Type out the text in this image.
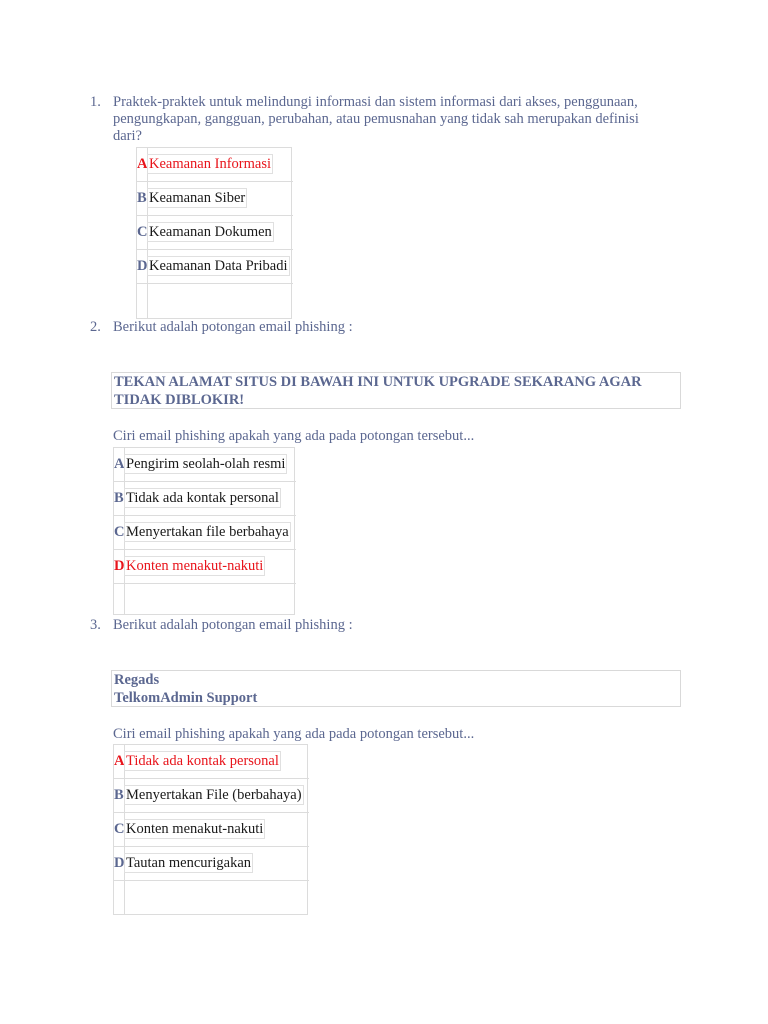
1. Praktek-praktek untuk melindungi informasi dan sistem informasi dari akses, penggunaan,
pengungkapan, gangguan, perubahan, atau pemusnahan yang tidak sah merupakan definisi
dari?
A Keamanan Informasi
B Keamanan Siber
C Keamanan Dokumen
D Keamanan Data Pribadi
2. Berikut adalah potongan email phishing :
TEKAN ALAMAT SITUS DI BAWAH INI UNTUK UPGRADE SEKARANG AGAR
TIDAK DIBLOKIR!
Ciri email phishing apakah yang ada pada potongan tersebut...
A Pengirim seolah-olah resmi
B Tidak ada kontak personal
C Menyertakan file berbahaya
D Konten menakut-nakuti
3. Berikut adalah potongan email phishing :
Regads
TelkomAdmin Support
Ciri email phishing apakah yang ada pada potongan tersebut...
A Tidak ada kontak personal
B Menyertakan File (berbahaya)
C Konten menakut-nakuti
D Tautan mencurigakan
